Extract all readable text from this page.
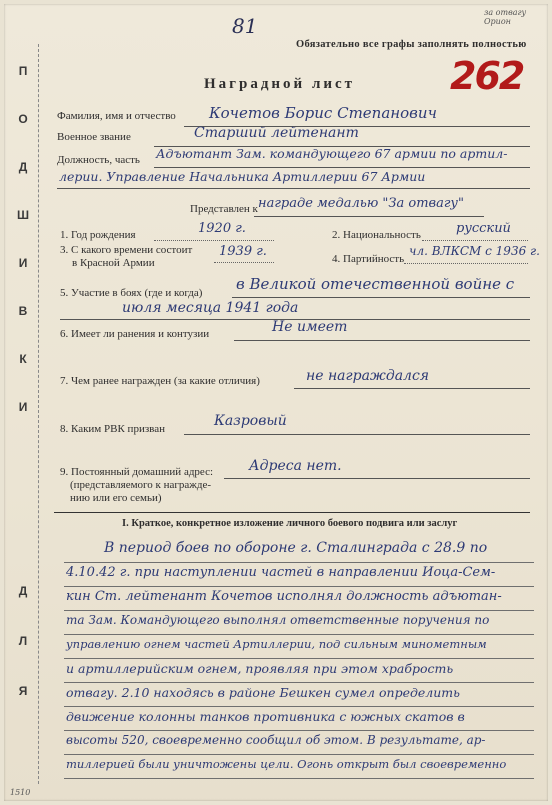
81
за отвагу Орион
Обязательно все графы заполнять полностью
Наградной лист 262
П
О
Д
Ш
И
В
К
И
Д
Л
Я
Фамилия, имя и отчество Кочетов Борис Степанович
Военное звание	Старший лейтенант
Должность, часть Адъютант Зам. командующего 67 армии по артил-
лерии. Управление Начальника Артиллерии 67 Армии
Представлен к награде медалью "За отвагу"
1. Год рождения	1920 г.	2. Национальность	русский
3. С какого времени состоит
в Красной Армии
1939 г.	4. Партийность
чл. ВЛКСМ с 1936 г.
5. Участие в боях (где и когда) в Великой отечественной войне с
июля месяца 1941 года
6. Имеет ли ранения и контузии	Не имеет
7. Чем ранее награжден (за какие отличия)	не награждался
8. Каким РВК призван	Казровый
9. Постоянный домашний адрес:
(представляемого к награжде-
нию или его семьи)
Адреса нет.
I. Краткое, конкретное изложение личного боевого подвига или заслуг
В период боев по обороне г. Сталинграда с 28.9 по
4.10.42 г. при наступлении частей в направлении Иоца-Сем-
кин Ст. лейтенант Кочетов исполнял должность адъютан-
та Зам. Командующего выполнял ответственные поручения по
управлению огнем частей Артиллерии, под сильным минометным
и артиллерийским огнем, проявляя при этом храбрость
отвагу. 2.10 находясь в районе Бешкен сумел определить
движение колонны танков противника с южных скатов в
высоты 520, своевременно сообщил об этом. В результате, ар-
тиллерией были уничтожены цели. Огонь открыт был своевременно
1510
